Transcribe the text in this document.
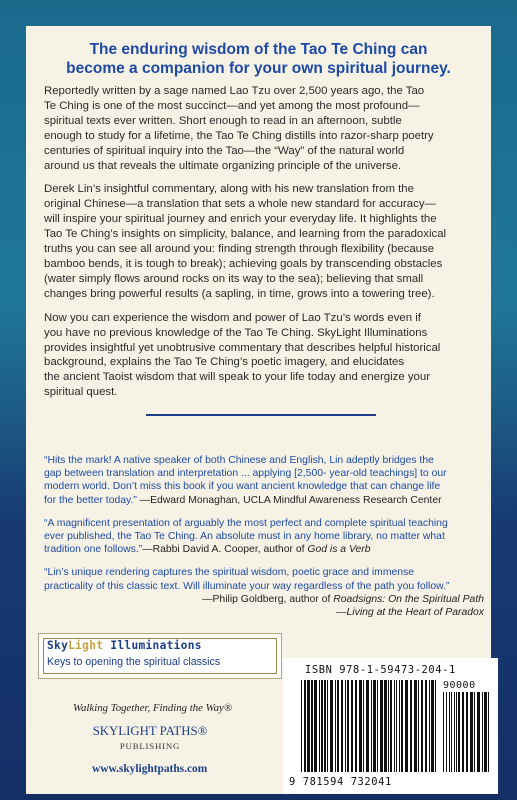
The enduring wisdom of the Tao Te Ching can
become a companion for your own spiritual journey.

Reportedly written by a sage named Lao Tzu over 2,500 years ago, the Tao
Te Ching is one of the most succinct—and yet among the most profound—
spiritual texts ever written. Short enough to read in an afternoon, subtle
enough to study for a lifetime, the Tao Te Ching distills into razor-sharp poetry
centuries of spiritual inquiry into the Tao—the “Way” of the natural world
around us that reveals the ultimate organizing principle of the universe.

Derek Lin’s insightful commentary, along with his new translation from the
original Chinese—a translation that sets a whole new standard for accuracy—
will inspire your spiritual journey and enrich your everyday life. It highlights the
Tao Te Ching’s insights on simplicity, balance, and learning from the paradoxical
truths you can see all around you: finding strength through flexibility (because
bamboo bends, it is tough to break); achieving goals by transcending obstacles
(water simply flows around rocks on its way to the sea); believing that small
changes bring powerful results (a sapling, in time, grows into a towering tree).

Now you can experience the wisdom and power of Lao Tzu’s words even if
you have no previous knowledge of the Tao Te Ching. SkyLight Illuminations
provides insightful yet unobtrusive commentary that describes helpful historical
background, explains the Tao Te Ching’s poetic imagery, and elucidates
the ancient Taoist wisdom that will speak to your life today and energize your
spiritual quest.

“Hits the mark! A native speaker of both Chinese and English, Lin adeptly bridges the
gap between translation and interpretation ... applying [2,500- year-old teachings] to our
modern world. Don’t miss this book if you want ancient knowledge that can change life
for the better today.” —Edward Monaghan, UCLA Mindful Awareness Research Center
“A magnificent presentation of arguably the most perfect and complete spiritual teaching
ever published, the Tao Te Ching. An absolute must in any home library, no matter what
tradition one follows.”—Rabbi David A. Cooper, author of God is a Verb
“Lin’s unique rendering captures the spiritual wisdom, poetic grace and immense
practicality of this classic text. Will illuminate your way regardless of the path you follow.”
—Philip Goldberg, author of Roadsigns: On the Spiritual Path
—Living at the Heart of Paradox
SkyLight Illuminations
Keys to opening the spiritual classics
ISBN 978-1-59473-204-1
90000
9 781594 732041
Walking Together, Finding the Way®
SKYLIGHT PATHS®
PUBLISHING
www.skylightpaths.com
